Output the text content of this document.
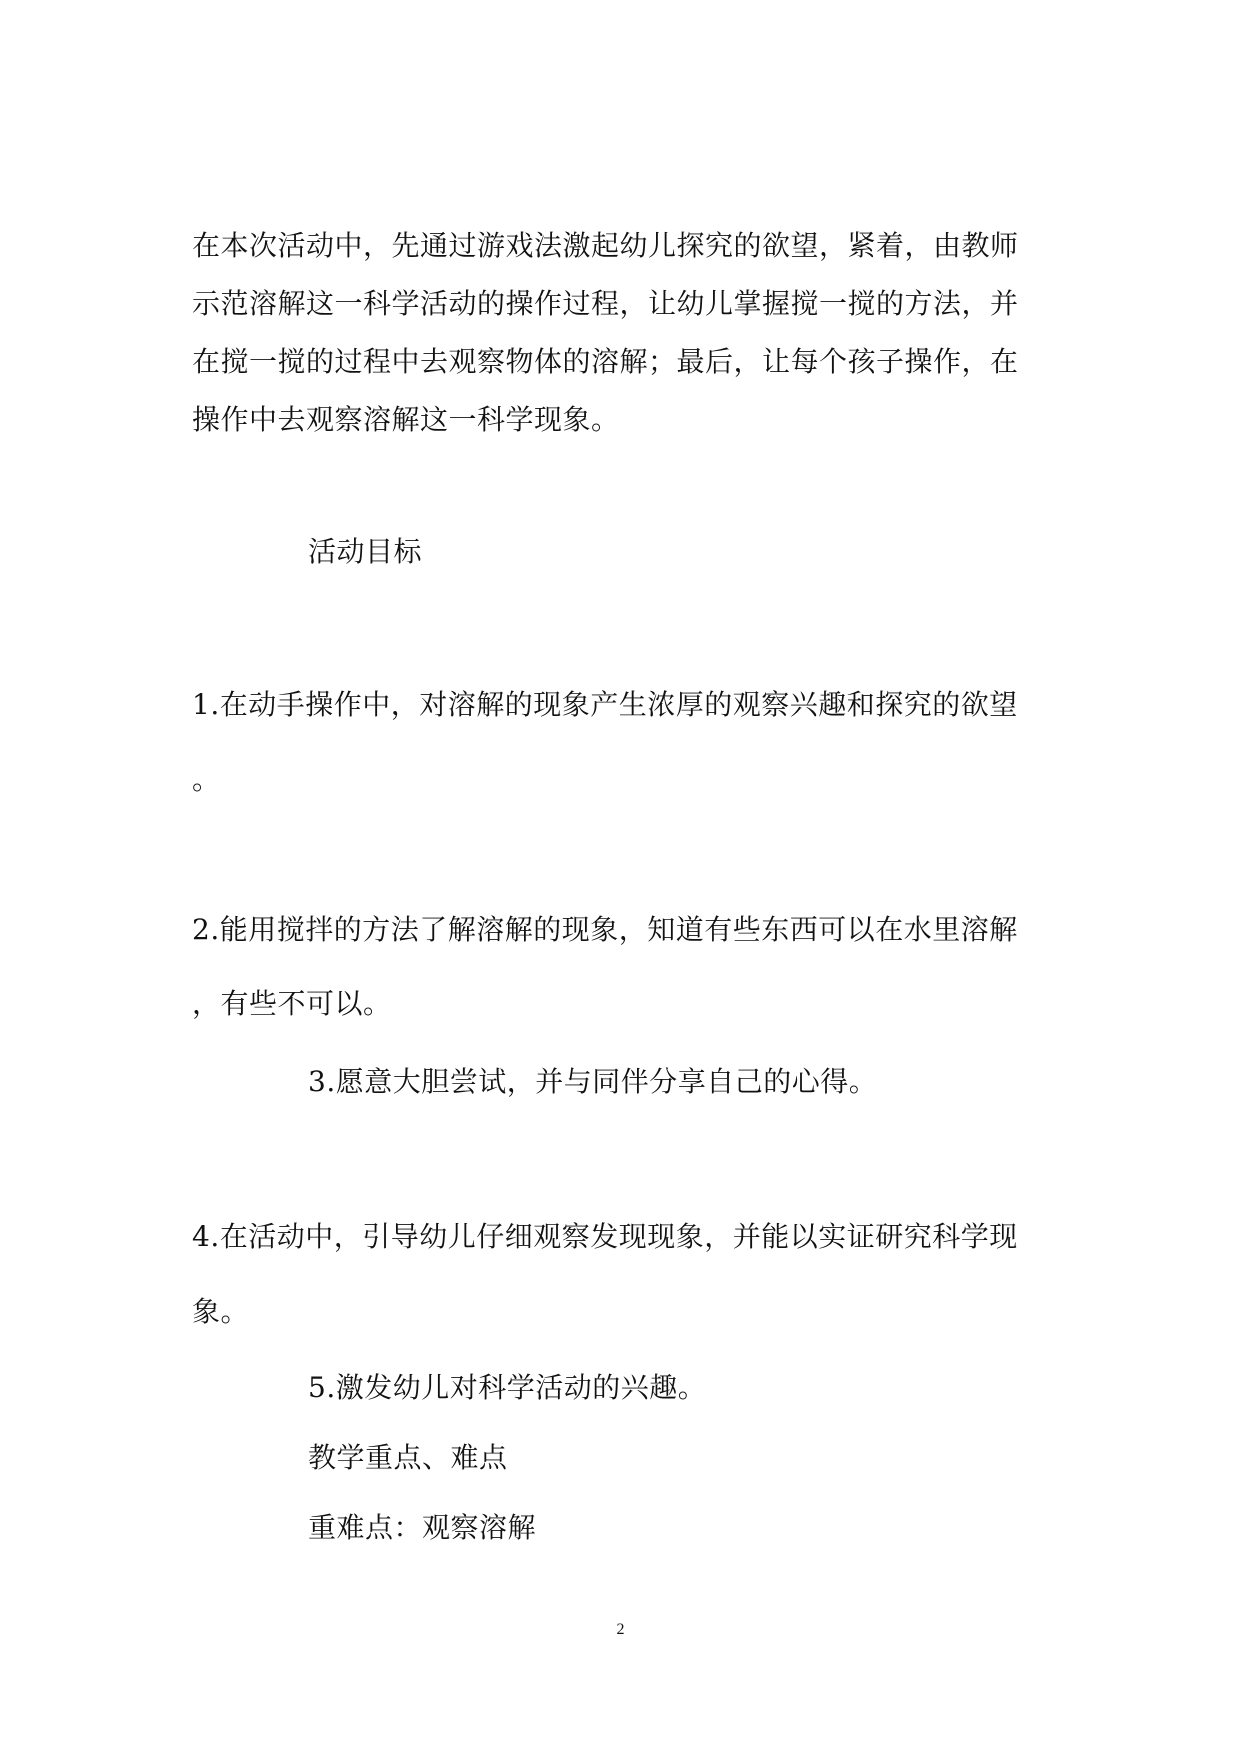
在本次活动中，先通过游戏法激起幼儿探究的欲望，紧着，由教师
示范溶解这一科学活动的操作过程，让幼儿掌握搅一搅的方法，并
在搅一搅的过程中去观察物体的溶解；最后，让每个孩子操作，在
操作中去观察溶解这一科学现象。
活动目标
1.在动手操作中，对溶解的现象产生浓厚的观察兴趣和探究的欲望
。
2.能用搅拌的方法了解溶解的现象，知道有些东西可以在水里溶解
，有些不可以。
3.愿意大胆尝试，并与同伴分享自己的心得。
4.在活动中，引导幼儿仔细观察发现现象，并能以实证研究科学现
象。
5.激发幼儿对科学活动的兴趣。
教学重点、难点
重难点：观察溶解
2
